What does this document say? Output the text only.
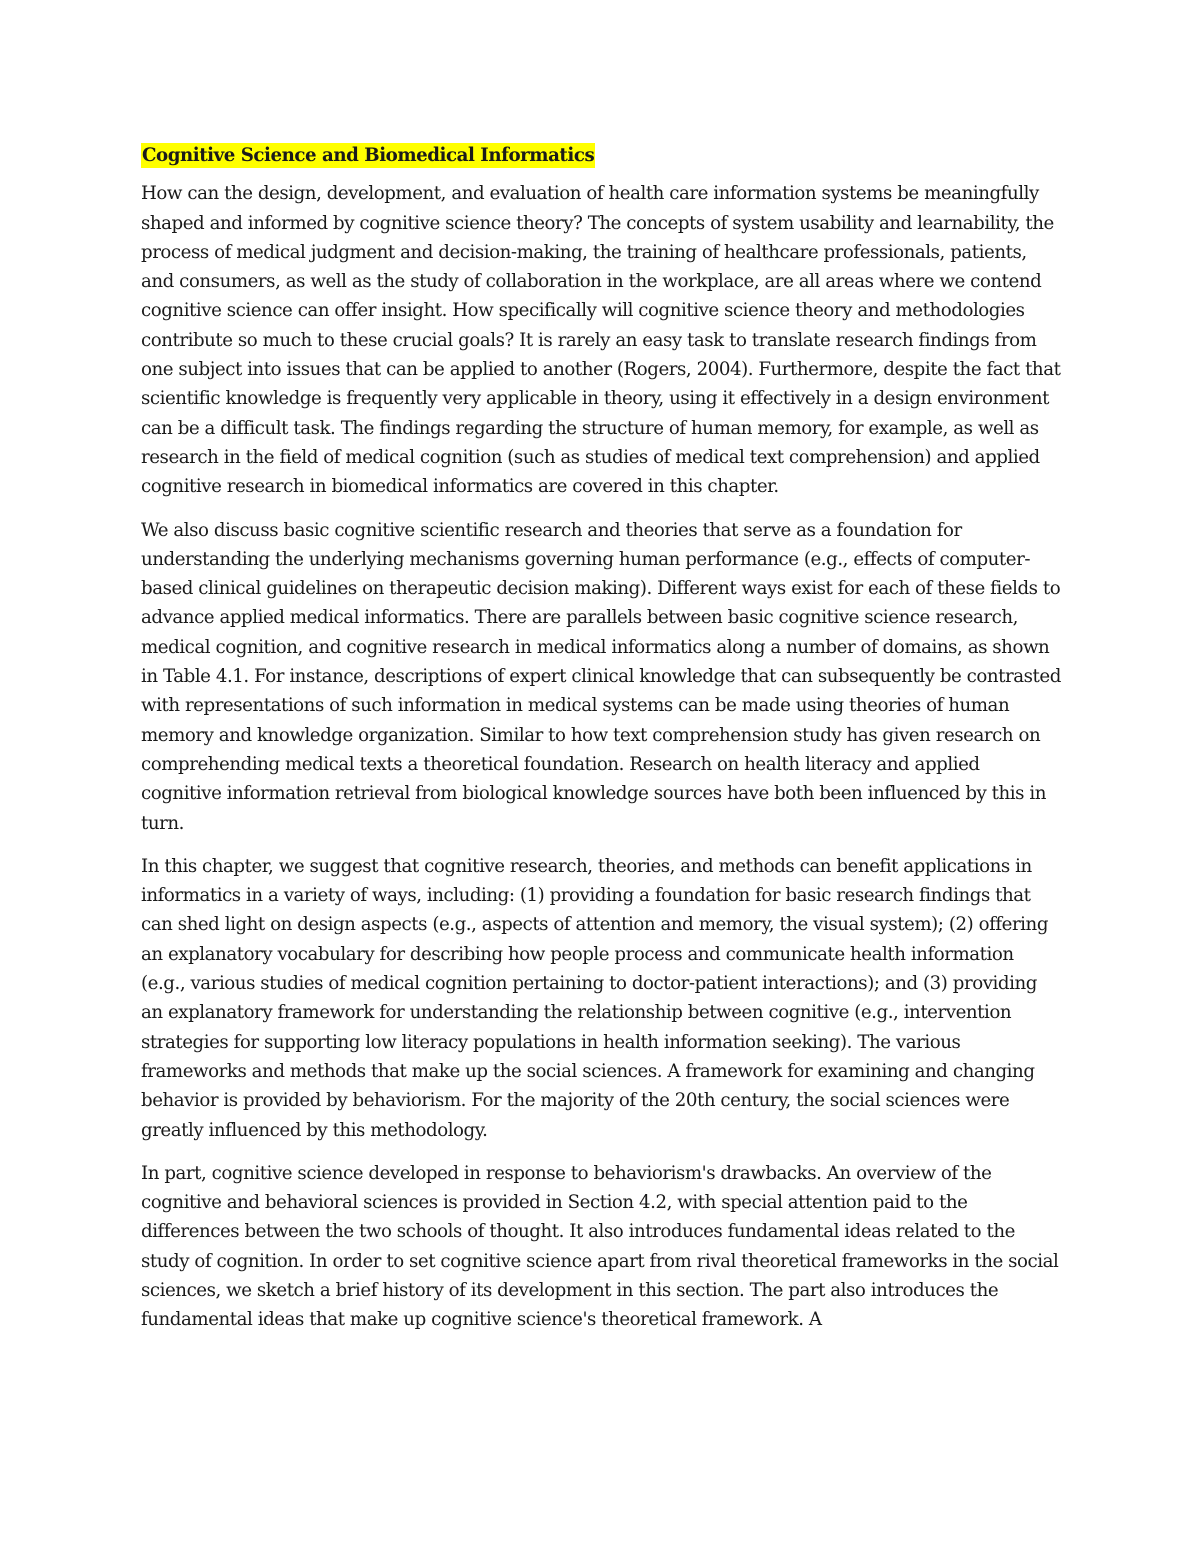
Cognitive Science and Biomedical Informatics

How can the design, development, and evaluation of health care information systems be meaningfully shaped and informed by cognitive science theory? The concepts of system usability and learnability, the process of medical judgment and decision-making, the training of healthcare professionals, patients, and consumers, as well as the study of collaboration in the workplace, are all areas where we contend cognitive science can offer insight. How specifically will cognitive science theory and methodologies contribute so much to these crucial goals? It is rarely an easy task to translate research findings from one subject into issues that can be applied to another (Rogers, 2004). Furthermore, despite the fact that scientific knowledge is frequently very applicable in theory, using it effectively in a design environment can be a difficult task. The findings regarding the structure of human memory, for example, as well as research in the field of medical cognition (such as studies of medical text comprehension) and applied cognitive research in biomedical informatics are covered in this chapter.

We also discuss basic cognitive scientific research and theories that serve as a foundation for understanding the underlying mechanisms governing human performance (e.g., effects of computer-based clinical guidelines on therapeutic decision making). Different ways exist for each of these fields to advance applied medical informatics. There are parallels between basic cognitive science research, medical cognition, and cognitive research in medical informatics along a number of domains, as shown in Table 4.1. For instance, descriptions of expert clinical knowledge that can subsequently be contrasted with representations of such information in medical systems can be made using theories of human memory and knowledge organization. Similar to how text comprehension study has given research on comprehending medical texts a theoretical foundation. Research on health literacy and applied cognitive information retrieval from biological knowledge sources have both been influenced by this in turn.

In this chapter, we suggest that cognitive research, theories, and methods can benefit applications in informatics in a variety of ways, including: (1) providing a foundation for basic research findings that can shed light on design aspects (e.g., aspects of attention and memory, the visual system); (2) offering an explanatory vocabulary for describing how people process and communicate health information (e.g., various studies of medical cognition pertaining to doctor-patient interactions); and (3) providing an explanatory framework for understanding the relationship between cognitive (e.g., intervention strategies for supporting low literacy populations in health information seeking). The various frameworks and methods that make up the social sciences. A framework for examining and changing behavior is provided by behaviorism. For the majority of the 20th century, the social sciences were greatly influenced by this methodology.

In part, cognitive science developed in response to behaviorism's drawbacks. An overview of the cognitive and behavioral sciences is provided in Section 4.2, with special attention paid to the differences between the two schools of thought. It also introduces fundamental ideas related to the study of cognition. In order to set cognitive science apart from rival theoretical frameworks in the social sciences, we sketch a brief history of its development in this section. The part also introduces the fundamental ideas that make up cognitive science's theoretical framework. A
